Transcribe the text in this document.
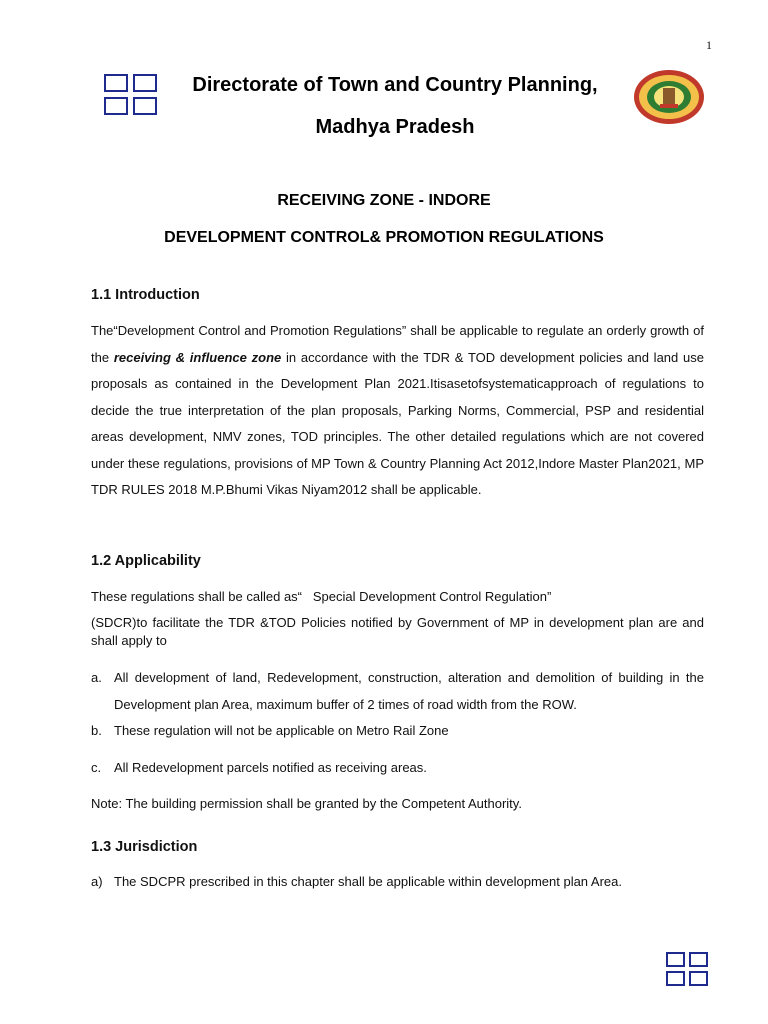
1
Directorate of Town and Country Planning,
Madhya Pradesh
RECEIVING ZONE - INDORE
DEVELOPMENT CONTROL& PROMOTION REGULATIONS
1.1 Introduction
The“Development Control and Promotion Regulations” shall be applicable to regulate an orderly growth of the receiving & influence zone in accordance with the TDR & TOD development policies and land use proposals as contained in the Development Plan 2021.Itisasetofsystematicapproach of regulations to decide the true interpretation of the plan proposals, Parking Norms, Commercial, PSP and residential areas development, NMV zones, TOD principles. The other detailed regulations which are not covered under these regulations, provisions of MP Town & Country Planning Act 2012,Indore Master Plan2021, MP TDR RULES 2018 M.P.Bhumi Vikas Niyam2012 shall be applicable.
1.2 Applicability
These regulations shall be called as“   Special Development Control Regulation”
(SDCR)to facilitate the TDR &TOD Policies notified by Government of MP in development plan are and shall apply to
a. All development of land, Redevelopment, construction, alteration and demolition of building in the Development plan Area, maximum buffer of 2 times of road width from the ROW.
b. These regulation will not be applicable on Metro Rail Zone
c. All Redevelopment parcels notified as receiving areas.
Note: The building permission shall be granted by the Competent Authority.
1.3 Jurisdiction
a) The SDCPR prescribed in this chapter shall be applicable within development plan Area.
